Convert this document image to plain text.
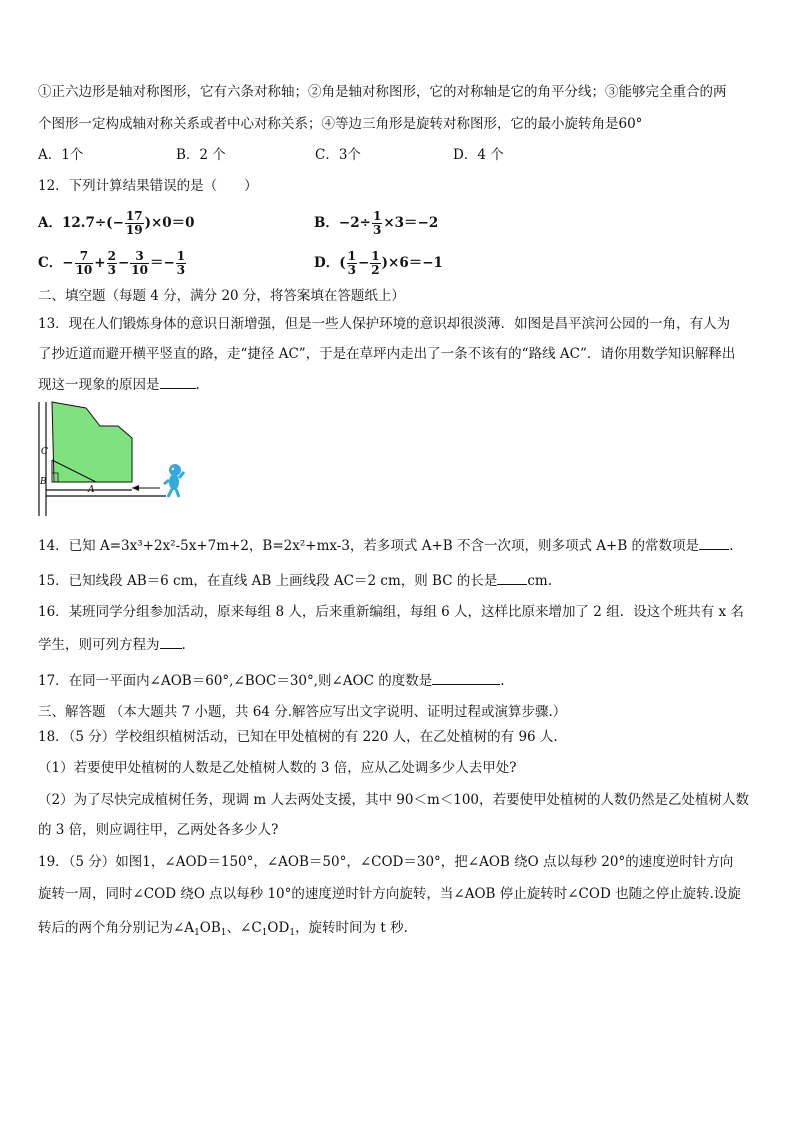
①正六边形是轴对称图形，它有六条对称轴；②角是轴对称图形，它的对称轴是它的角平分线；③能够完全重合的两
个图形一定构成轴对称关系或者中心对称关系；④等边三角形是旋转对称图形，它的最小旋转角是60°
A．1个	B．2 个	C．3个	D．4 个
12．下列计算结果错误的是（　　）
A．$12.7\div(- \frac{17}{19} )\times 0=0$	B．$-2\div \frac{1}{3} \times 3=-2$
C．− $\frac{7}{10} + \frac{2}{3} - \frac{3}{10} =- \frac{1}{3}$	D．( $\frac{1}{3} - \frac{1}{2} )\times 6=-1$
二、填空题（每题 4 分，满分 20 分，将答案填在答题纸上）
13．现在人们锻炼身体的意识日渐增强，但是一些人保护环境的意识却很淡薄．如图是昌平滨河公园的一角，有人为
了抄近道而避开横平竖直的路，走“捷径 AC”，于是在草坪内走出了一条不该有的“路线 AC”．请你用数学知识解释出
现这一现象的原因是	.
C
B
A
14．已知 A=3x³+2x²-5x+7m+2，B=2x²+mx-3，若多项式 A+B 不含一次项，则多项式 A+B 的常数项是 .
15．已知线段 AB＝6 cm，在直线 AB 上画线段 AC＝2 cm，则 BC 的长是 cm.
16．某班同学分组参加活动，原来每组 8 人，后来重新编组，每组 6 人，这样比原来增加了 2 组．设这个班共有 x 名
学生，则可列方程为 .
17．在同一平面内∠AOB＝60°,∠BOC＝30°,则∠AOC 的度数是	.
三、解答题 （本大题共 7 小题，共 64 分.解答应写出文字说明、证明过程或演算步骤.）
18．（5 分）学校组织植树活动，已知在甲处植树的有 220 人，在乙处植树的有 96 人.
（1）若要使甲处植树的人数是乙处植树人数的 3 倍，应从乙处调多少人去甲处?
（2）为了尽快完成植树任务，现调 m 人去两处支援，其中 90＜m＜100，若要使甲处植树的人数仍然是乙处植树人数
的 3 倍，则应调往甲，乙两处各多少人?
19．（5 分）如图1，∠AOD＝150°，∠AOB＝50°，∠COD＝30°，把∠AOB 绕O 点以每秒 20°的速度逆时针方向
旋转一周，同时∠COD 绕O 点以每秒 10°的速度逆时针方向旋转，当∠AOB 停止旋转时∠COD 也随之停止旋转.设旋
转后的两个角分别记为$\angle A_1OB_1$、$\angle C_1OD_1$，旋转时间为 t 秒.
